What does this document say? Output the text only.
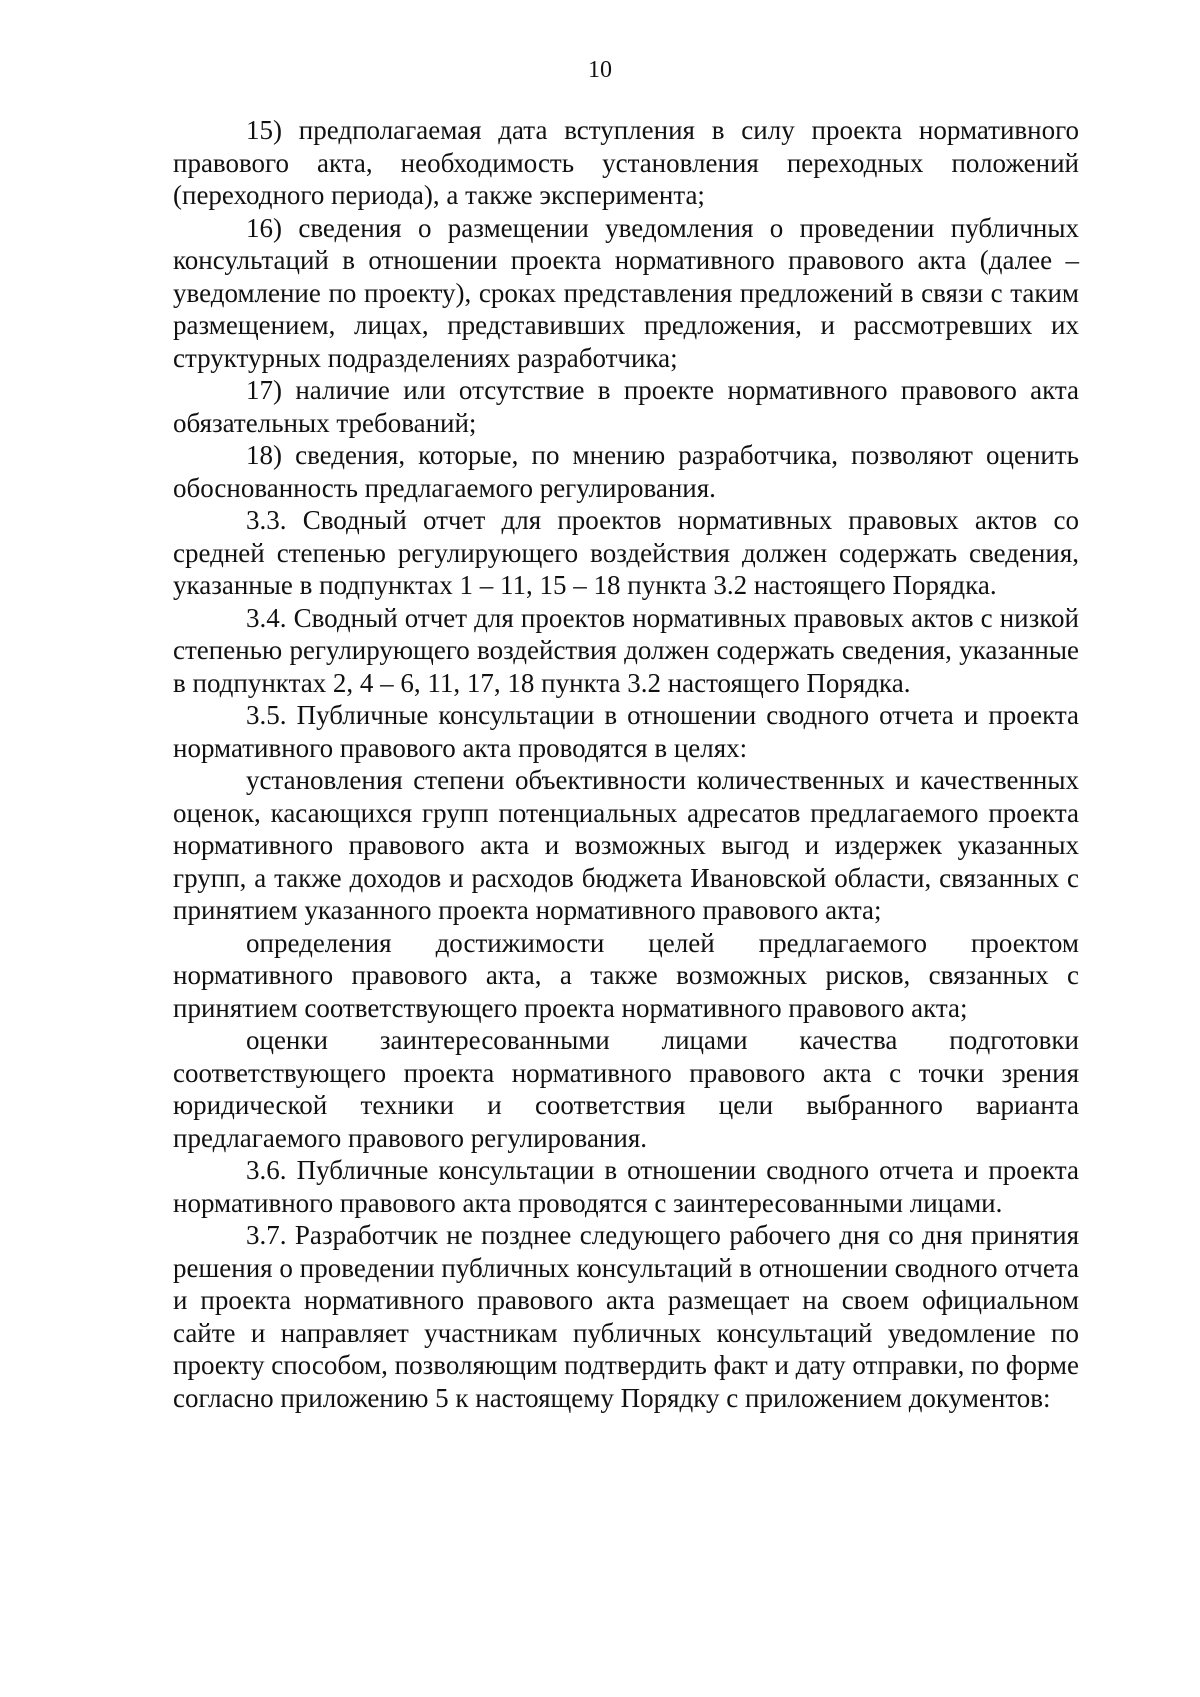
10

15) предполагаемая дата вступления в силу проекта нормативного правового акта, необходимость установления переходных положений (переходного периода), а также эксперимента;

16) сведения о размещении уведомления о проведении публичных консультаций в отношении проекта нормативного правового акта (далее – уведомление по проекту), сроках представления предложений в связи с таким размещением, лицах, представивших предложения, и рассмотревших их структурных подразделениях разработчика;

17) наличие или отсутствие в проекте нормативного правового акта обязательных требований;

18) сведения, которые, по мнению разработчика, позволяют оценить обоснованность предлагаемого регулирования.

3.3. Сводный отчет для проектов нормативных правовых актов со средней степенью регулирующего воздействия должен содержать сведения, указанные в подпунктах 1 – 11, 15 – 18 пункта 3.2 настоящего Порядка.

3.4. Сводный отчет для проектов нормативных правовых актов с низкой степенью регулирующего воздействия должен содержать сведения, указанные в подпунктах 2, 4 – 6, 11, 17, 18 пункта 3.2 настоящего Порядка.

3.5. Публичные консультации в отношении сводного отчета и проекта нормативного правового акта проводятся в целях:

установления степени объективности количественных и качественных оценок, касающихся групп потенциальных адресатов предлагаемого проекта нормативного правового акта и возможных выгод и издержек указанных групп, а также доходов и расходов бюджета Ивановской области, связанных с принятием указанного проекта нормативного правового акта;

определения достижимости целей предлагаемого проектом нормативного правового акта, а также возможных рисков, связанных с принятием соответствующего проекта нормативного правового акта;

оценки заинтересованными лицами качества подготовки соответствующего проекта нормативного правового акта с точки зрения юридической техники и соответствия цели выбранного варианта предлагаемого правового регулирования.

3.6. Публичные консультации в отношении сводного отчета и проекта нормативного правового акта проводятся с заинтересованными лицами.

3.7. Разработчик не позднее следующего рабочего дня со дня принятия решения о проведении публичных консультаций в отношении сводного отчета и проекта нормативного правового акта размещает на своем официальном сайте и направляет участникам публичных консультаций уведомление по проекту способом, позволяющим подтвердить факт и дату отправки, по форме согласно приложению 5 к настоящему Порядку с приложением документов:
